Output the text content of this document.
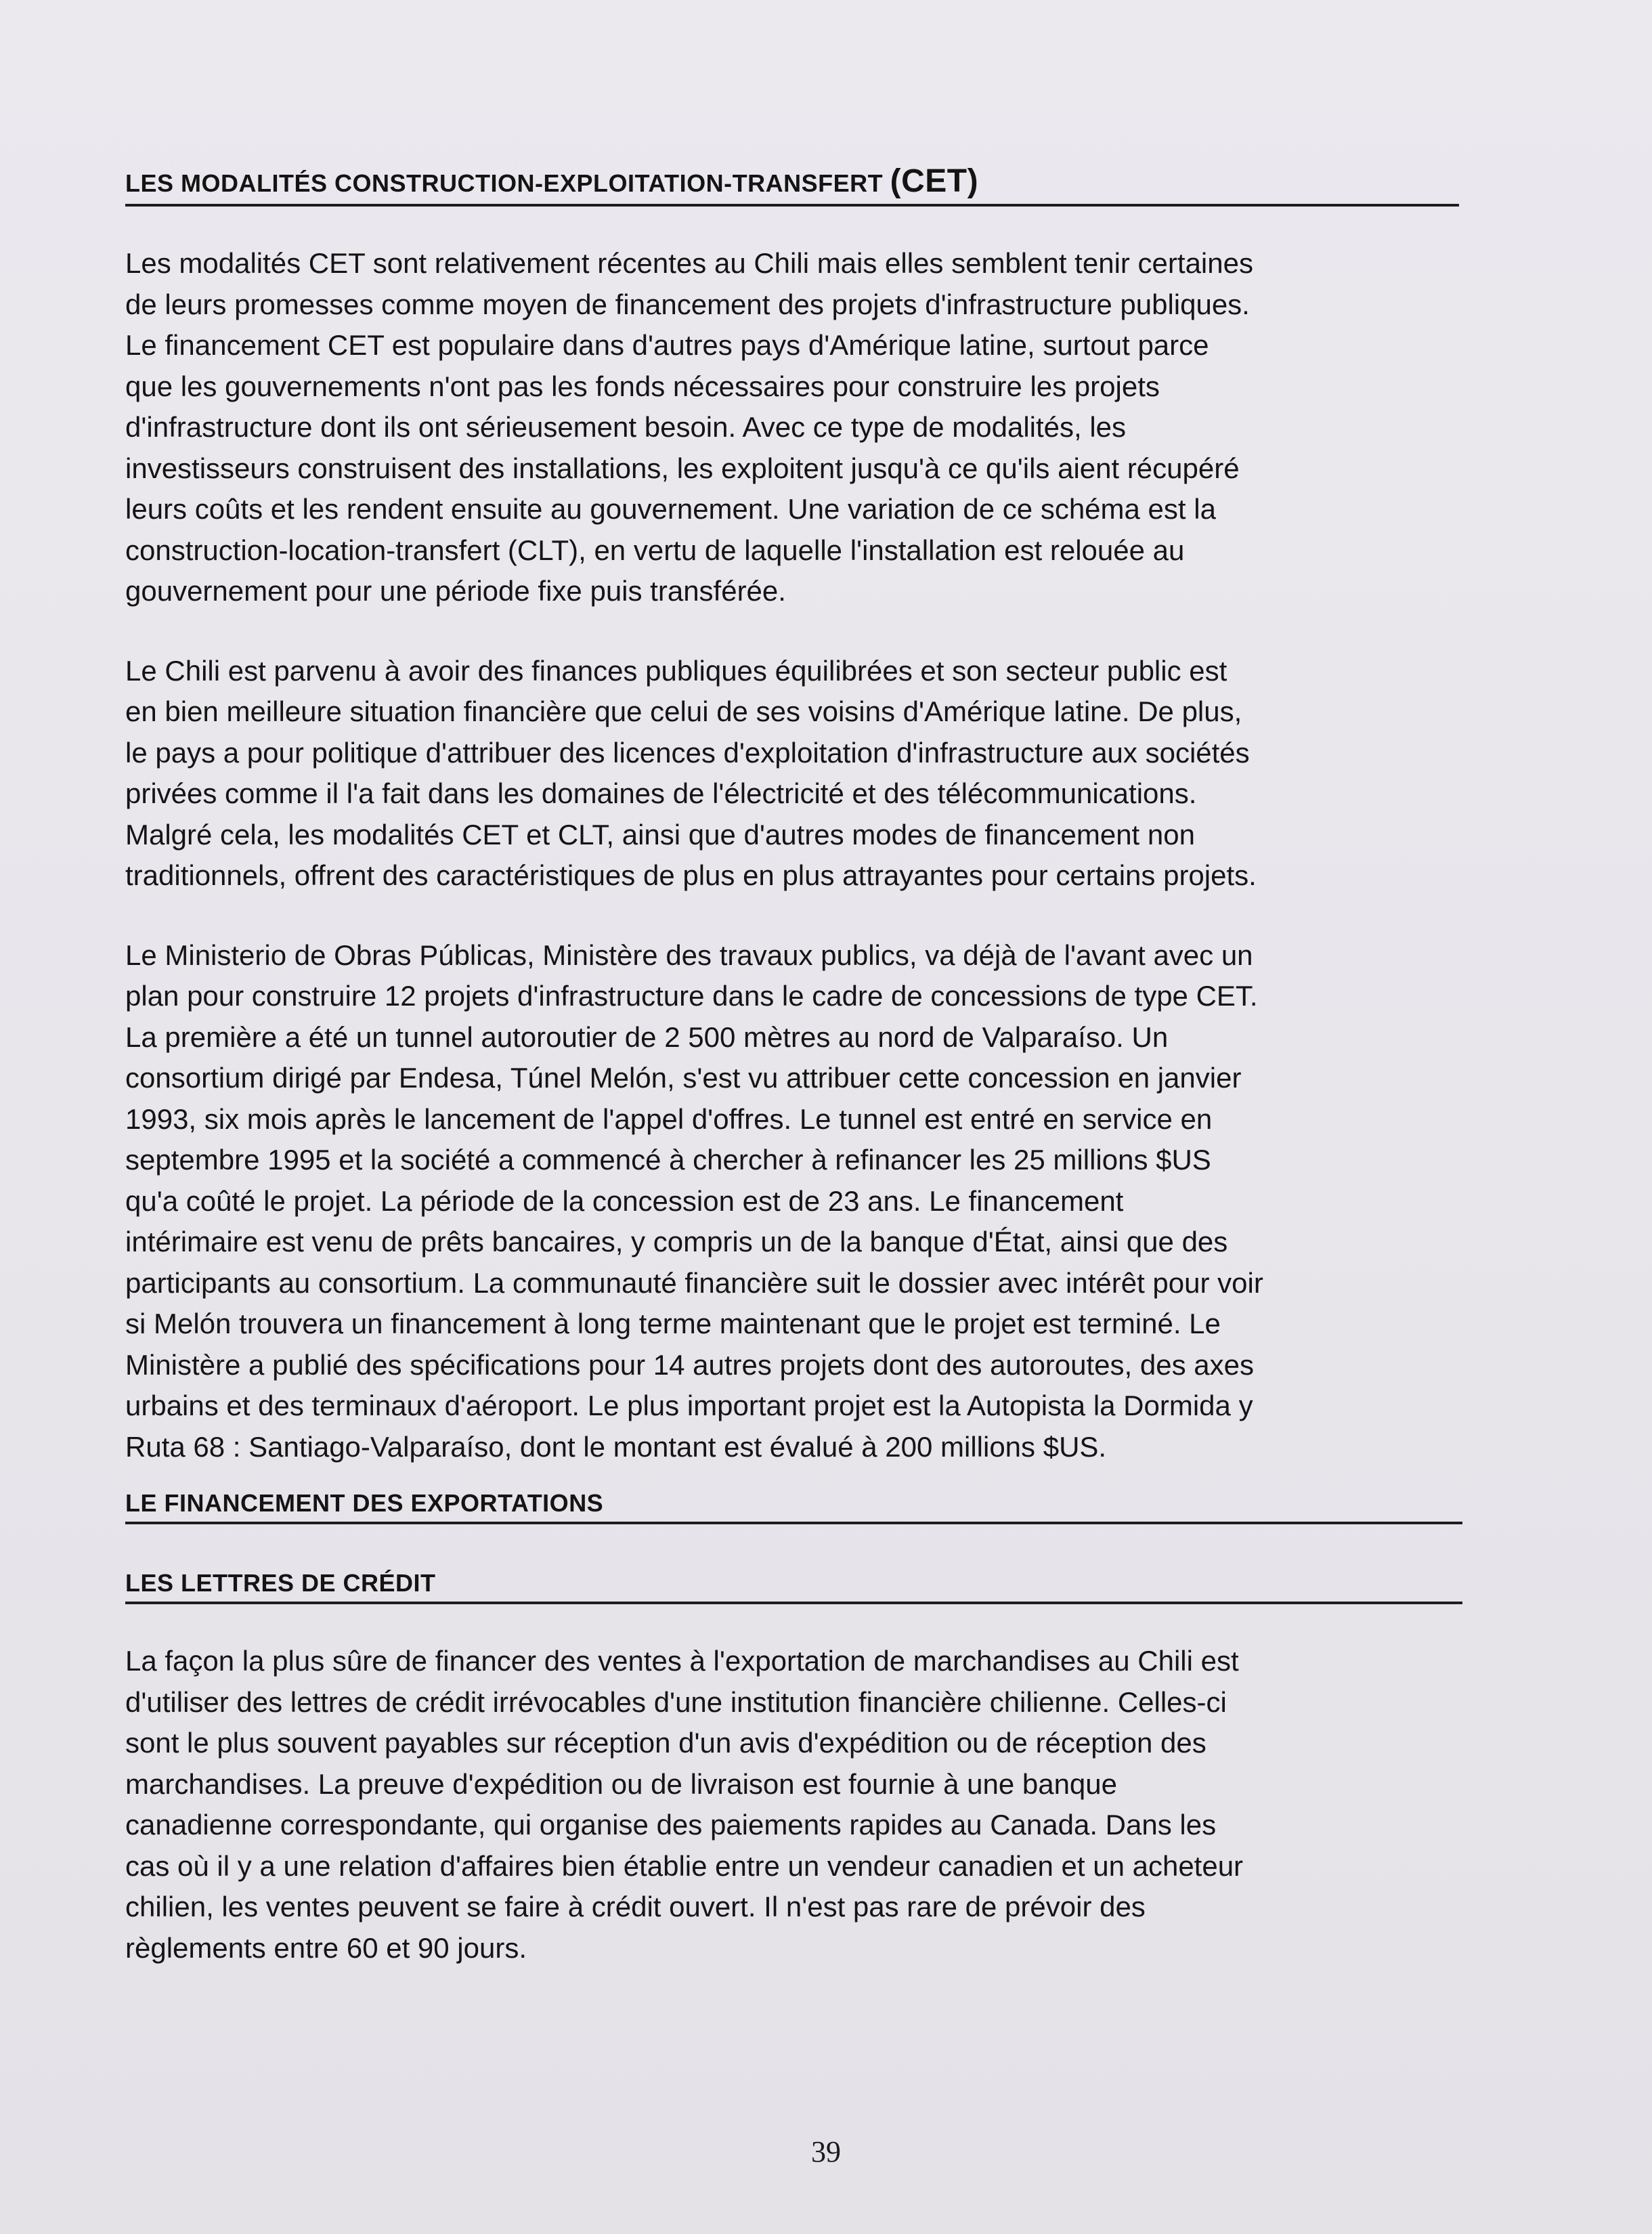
LES MODALITÉS CONSTRUCTION-EXPLOITATION-TRANSFERT (CET)

Les modalités CET sont relativement récentes au Chili mais elles semblent tenir certaines
de leurs promesses comme moyen de financement des projets d'infrastructure publiques.
Le financement CET est populaire dans d'autres pays d'Amérique latine, surtout parce
que les gouvernements n'ont pas les fonds nécessaires pour construire les projets
d'infrastructure dont ils ont sérieusement besoin. Avec ce type de modalités, les
investisseurs construisent des installations, les exploitent jusqu'à ce qu'ils aient récupéré
leurs coûts et les rendent ensuite au gouvernement. Une variation de ce schéma est la
construction-location-transfert (CLT), en vertu de laquelle l'installation est relouée au
gouvernement pour une période fixe puis transférée.

Le Chili est parvenu à avoir des finances publiques équilibrées et son secteur public est
en bien meilleure situation financière que celui de ses voisins d'Amérique latine. De plus,
le pays a pour politique d'attribuer des licences d'exploitation d'infrastructure aux sociétés
privées comme il l'a fait dans les domaines de l'électricité et des télécommunications.
Malgré cela, les modalités CET et CLT, ainsi que d'autres modes de financement non
traditionnels, offrent des caractéristiques de plus en plus attrayantes pour certains projets.

Le Ministerio de Obras Públicas, Ministère des travaux publics, va déjà de l'avant avec un
plan pour construire 12 projets d'infrastructure dans le cadre de concessions de type CET.
La première a été un tunnel autoroutier de 2 500 mètres au nord de Valparaíso. Un
consortium dirigé par Endesa, Túnel Melón, s'est vu attribuer cette concession en janvier
1993, six mois après le lancement de l'appel d'offres. Le tunnel est entré en service en
septembre 1995 et la société a commencé à chercher à refinancer les 25 millions $US
qu'a coûté le projet. La période de la concession est de 23 ans. Le financement
intérimaire est venu de prêts bancaires, y compris un de la banque d'État, ainsi que des
participants au consortium. La communauté financière suit le dossier avec intérêt pour voir
si Melón trouvera un financement à long terme maintenant que le projet est terminé. Le
Ministère a publié des spécifications pour 14 autres projets dont des autoroutes, des axes
urbains et des terminaux d'aéroport. Le plus important projet est la Autopista la Dormida y
Ruta 68 : Santiago-Valparaíso, dont le montant est évalué à 200 millions $US.

LE FINANCEMENT DES EXPORTATIONS
LES LETTRES DE CRÉDIT

La façon la plus sûre de financer des ventes à l'exportation de marchandises au Chili est
d'utiliser des lettres de crédit irrévocables d'une institution financière chilienne. Celles-ci
sont le plus souvent payables sur réception d'un avis d'expédition ou de réception des
marchandises. La preuve d'expédition ou de livraison est fournie à une banque
canadienne correspondante, qui organise des paiements rapides au Canada. Dans les
cas où il y a une relation d'affaires bien établie entre un vendeur canadien et un acheteur
chilien, les ventes peuvent se faire à crédit ouvert. Il n'est pas rare de prévoir des
règlements entre 60 et 90 jours.

39
